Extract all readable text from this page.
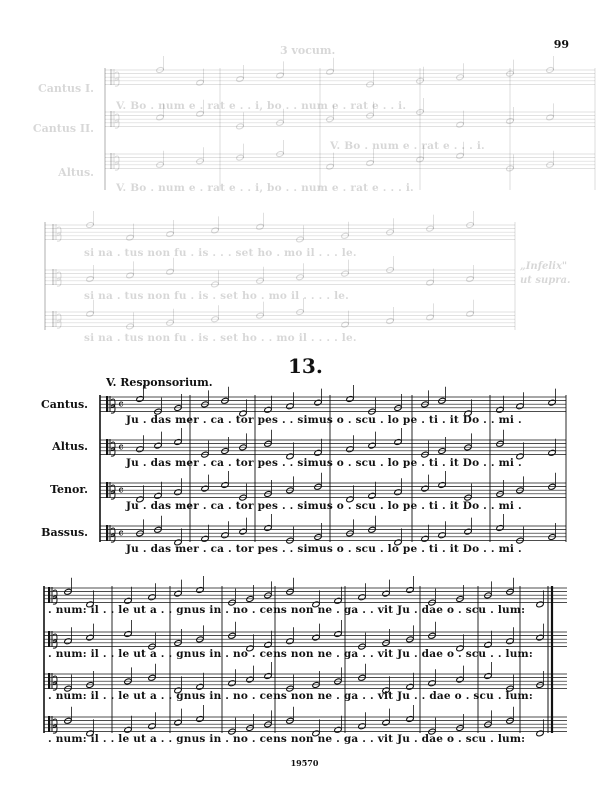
99
3 vocum.
Cantus I.
Cantus II.
Altus.
V. Bo . num e . rat e . . i, bo . . num e . rat e . . i.
V. Bo . num e . rat e . . . i.
V. Bo . num e . rat e . . i, bo . . num e . rat e . . . i.
si na . tus non fu . is . . . set ho . mo il . . . le.
si na . tus non fu . is . set ho . mo il . . . . le.
si na . tus non fu . is . set ho . . mo il . . . . le.
„Infelix"
ut supra.
13.
V. Responsorium.
Cantus.
Altus.
Tenor.
Bassus.
Ju . das mer . ca . tor pes . . simus o . scu . lo pe . ti . it Do . . mi .
Ju . das mer . ca . tor pes . . simus o . scu . lo pe . ti . it Do . . mi .
Ju . das mer . ca . tor pes . . simus o . scu . lo pe . ti . it Do . . mi .
Ju . das mer . ca . tor pes . . simus o . scu . lo pe . ti . it Do . . mi .
. num: il . . le ut a . . gnus in . no . cens non ne . ga . . vit Ju . dae o . scu . lum:
. num: il . . le ut a . . gnus in . no . cens non ne . ga . . vit Ju . dae o . scu . . lum:
. num: il . . le ut a . . gnus in . no . cens non ne . ga . . vit Ju . . dae o . scu . lum:
. num: il . . le ut a . . gnus in . no . cens non ne . ga . . vit Ju . dae o . scu . lum:
19570
𝄴
𝄴
𝄴
𝄴
